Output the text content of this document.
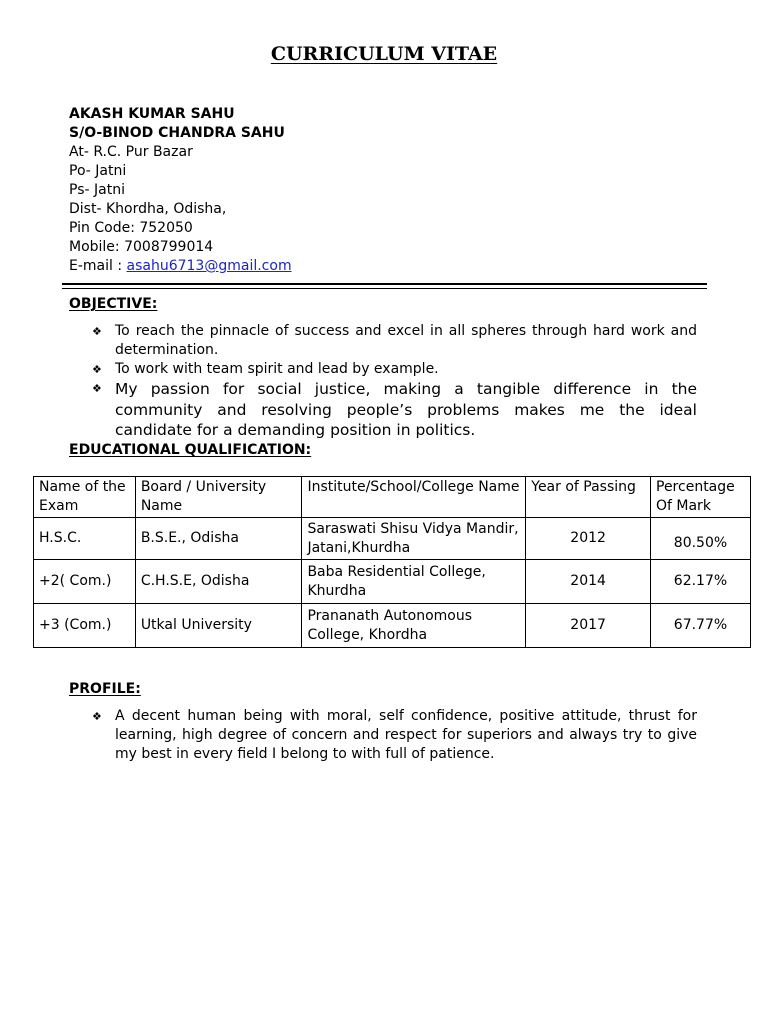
CURRICULUM VITAE
AKASH KUMAR SAHU
S/O-BINOD CHANDRA SAHU
At- R.C. Pur Bazar
Po- Jatni
Ps- Jatni
Dist- Khordha, Odisha,
Pin Code: 752050
Mobile: 7008799014
E-mail : asahu6713@gmail.com
OBJECTIVE:
❖ To reach the pinnacle of success and excel in all spheres through hard work and determination.
❖ To work with team spirit and lead by example.
❖ My passion for social justice, making a tangible difference in the community and resolving people’s problems makes me the ideal candidate for a demanding position in politics.
EDUCATIONAL QUALIFICATION:
Name of the Exam	Board / University Name	Institute/School/College Name	Year of Passing	Percentage Of Mark
H.S.C.	B.S.E., Odisha	Saraswati Shisu Vidya Mandir, Jatani,Khurdha	2012	80.50%
+2( Com.)	C.H.S.E, Odisha	Baba Residential College, Khurdha	2014	62.17%
+3 (Com.)	Utkal University	Prananath Autonomous College, Khordha	2017	67.77%
PROFILE:
❖ A decent human being with moral, self confidence, positive attitude, thrust for learning, high degree of concern and respect for superiors and always try to give my best in every field I belong to with full of patience.
